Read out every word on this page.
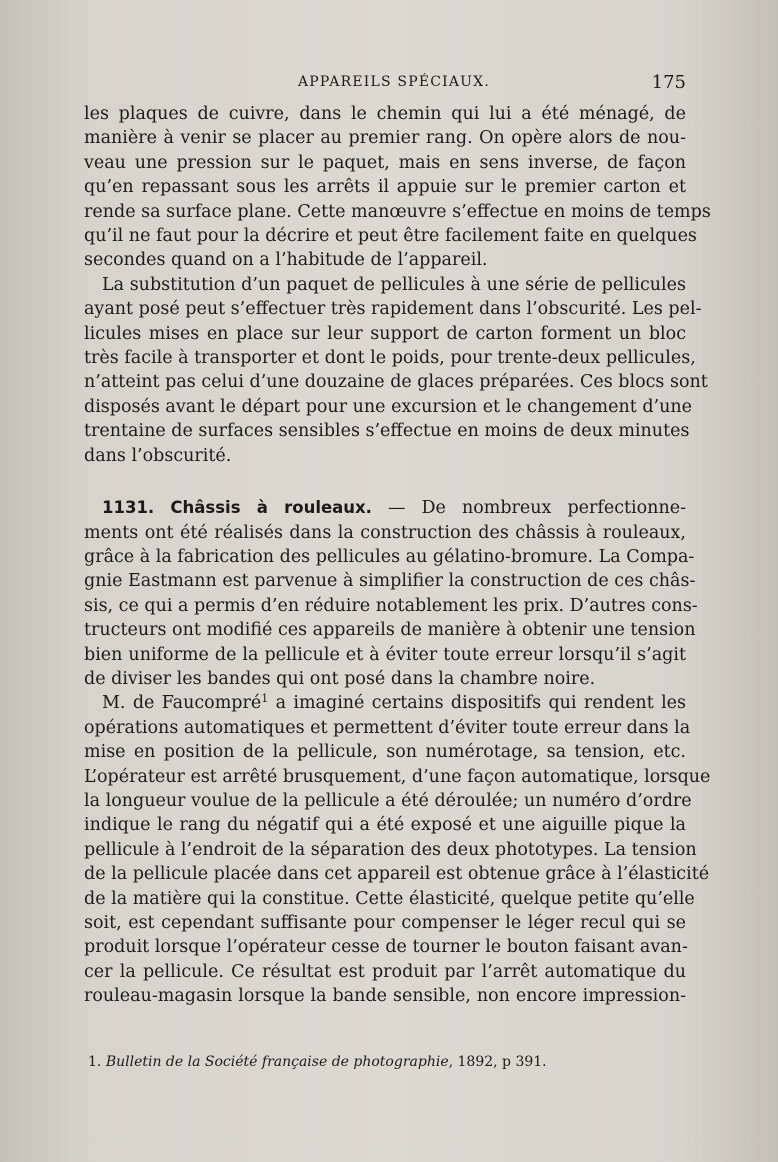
APPAREILS SPÉCIAUX.	175
les plaques de cuivre, dans le chemin qui lui a été ménagé, de
manière à venir se placer au premier rang. On opère alors de nou-
veau une pression sur le paquet, mais en sens inverse, de façon
qu’en repassant sous les arrêts il appuie sur le premier carton et
rende sa surface plane. Cette manœuvre s’effectue en moins de temps
qu’il ne faut pour la décrire et peut être facilement faite en quelques
secondes quand on a l’habitude de l’appareil.
La substitution d’un paquet de pellicules à une série de pellicules
ayant posé peut s’effectuer très rapidement dans l’obscurité. Les pel-
licules mises en place sur leur support de carton forment un bloc
très facile à transporter et dont le poids, pour trente-deux pellicules,
n’atteint pas celui d’une douzaine de glaces préparées. Ces blocs sont
disposés avant le départ pour une excursion et le changement d’une
trentaine de surfaces sensibles s’effectue en moins de deux minutes
dans l’obscurité.
1131. Châssis à rouleaux. — De nombreux perfectionne-
ments ont été réalisés dans la construction des châssis à rouleaux,
grâce à la fabrication des pellicules au gélatino-bromure. La Compa-
gnie Eastmann est parvenue à simplifier la construction de ces châs-
sis, ce qui a permis d’en réduire notablement les prix. D’autres cons-
tructeurs ont modifié ces appareils de manière à obtenir une tension
bien uniforme de la pellicule et à éviter toute erreur lorsqu’il s’agit
de diviser les bandes qui ont posé dans la chambre noire.
M. de Faucompré$^1$ a imaginé certains dispositifs qui rendent les
opérations automatiques et permettent d’éviter toute erreur dans la
mise en position de la pellicule, son numérotage, sa tension, etc.
L’opérateur est arrêté brusquement, d’une façon automatique, lorsque
la longueur voulue de la pellicule a été déroulée; un numéro d’ordre
indique le rang du négatif qui a été exposé et une aiguille pique la
pellicule à l’endroit de la séparation des deux phototypes. La tension
de la pellicule placée dans cet appareil est obtenue grâce à l’élasticité
de la matière qui la constitue. Cette élasticité, quelque petite qu’elle
soit, est cependant suffisante pour compenser le léger recul qui se
produit lorsque l’opérateur cesse de tourner le bouton faisant avan-
cer la pellicule. Ce résultat est produit par l’arrêt automatique du
rouleau-magasin lorsque la bande sensible, non encore impression-
1. Bulletin de la Société française de photographie, 1892, p 391.
